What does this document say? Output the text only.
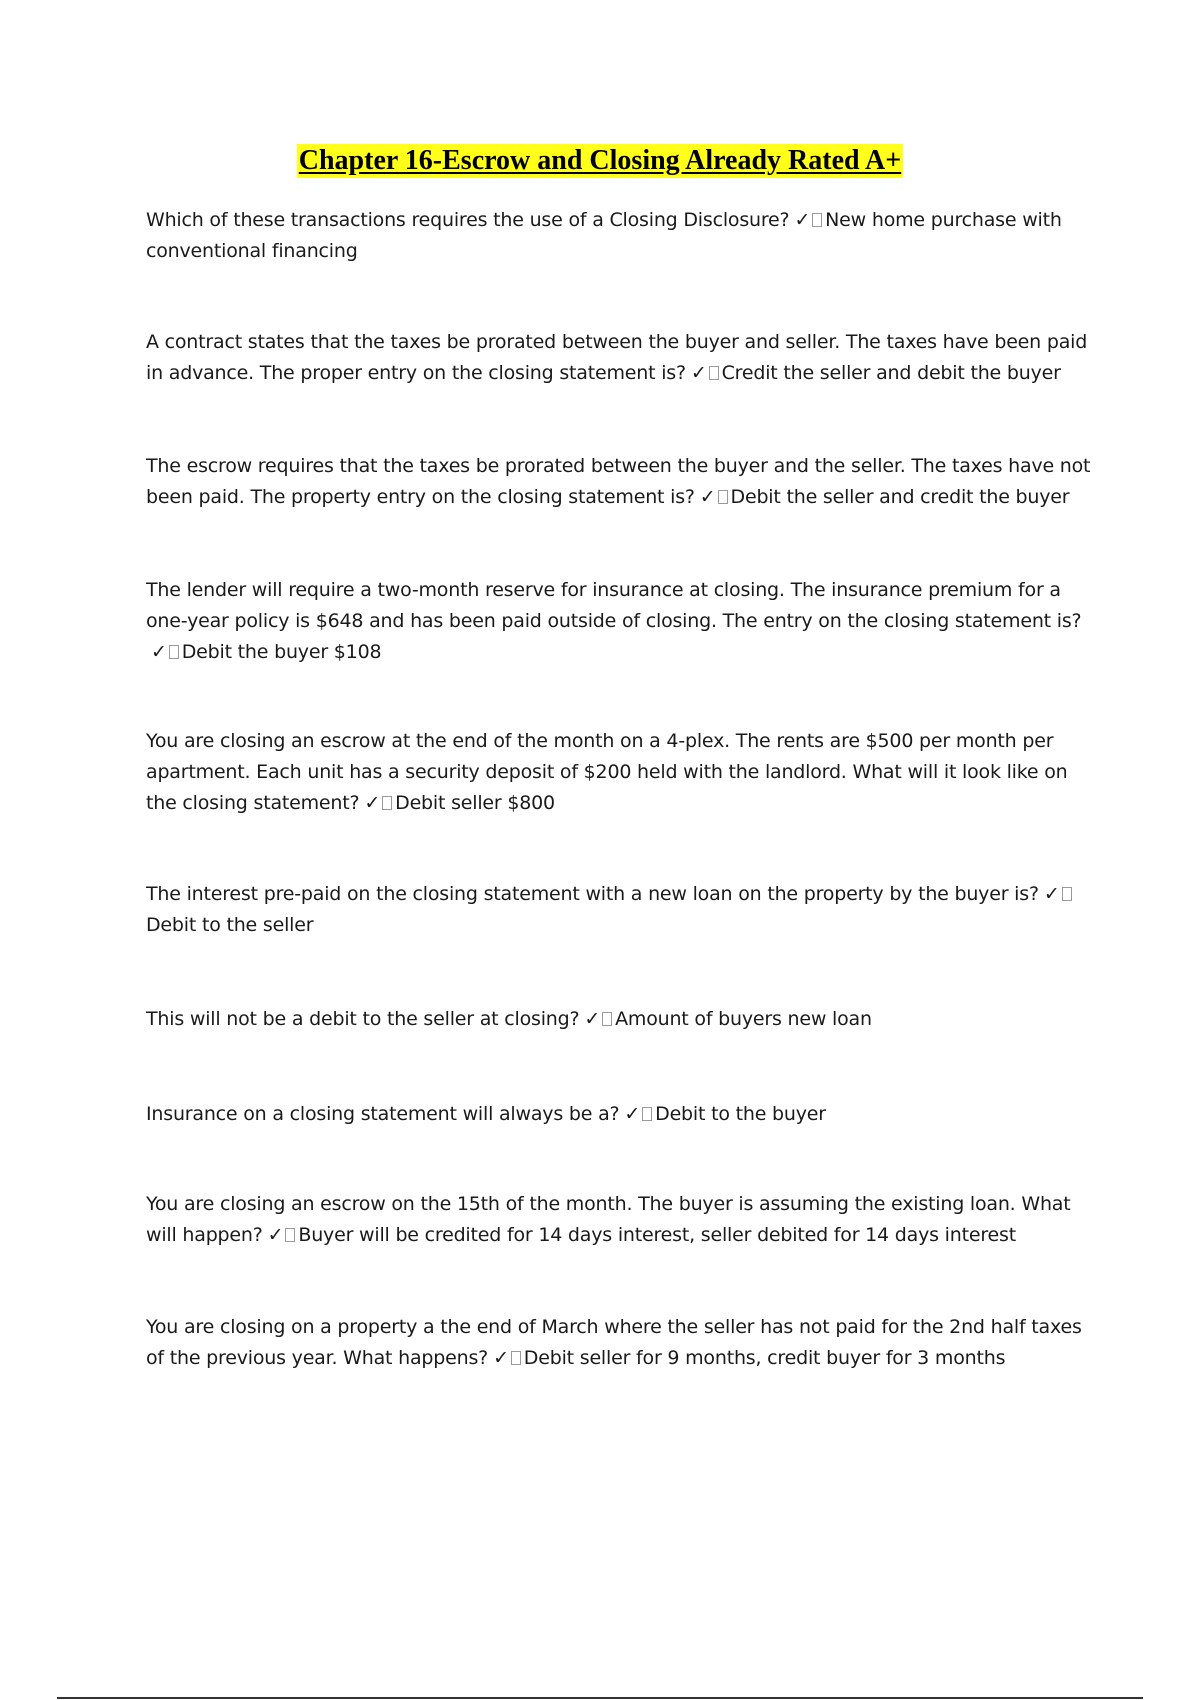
Chapter 16-Escrow and Closing Already Rated A+

Which of these transactions requires the use of a Closing Disclosure? ✓ New home purchase with conventional financing

A contract states that the taxes be prorated between the buyer and seller. The taxes have been paid in advance. The proper entry on the closing statement is? ✓ Credit the seller and debit the buyer

The escrow requires that the taxes be prorated between the buyer and the seller. The taxes have not been paid. The property entry on the closing statement is? ✓ Debit the seller and credit the buyer

The lender will require a two-month reserve for insurance at closing. The insurance premium for a one-year policy is $648 and has been paid outside of closing. The entry on the closing statement is?✓ Debit the buyer $108

You are closing an escrow at the end of the month on a 4-plex. The rents are $500 per month per apartment. Each unit has a security deposit of $200 held with the landlord. What will it look like on the closing statement? ✓ Debit seller $800

The interest pre-paid on the closing statement with a new loan on the property by the buyer is? ✓Debit to the seller

This will not be a debit to the seller at closing? ✓ Amount of buyers new loan

Insurance on a closing statement will always be a? ✓ Debit to the buyer

You are closing an escrow on the 15th of the month. The buyer is assuming the existing loan. What will happen? ✓ Buyer will be credited for 14 days interest, seller debited for 14 days interest

You are closing on a property a the end of March where the seller has not paid for the 2nd half taxes of the previous year. What happens? ✓ Debit seller for 9 months, credit buyer for 3 months
